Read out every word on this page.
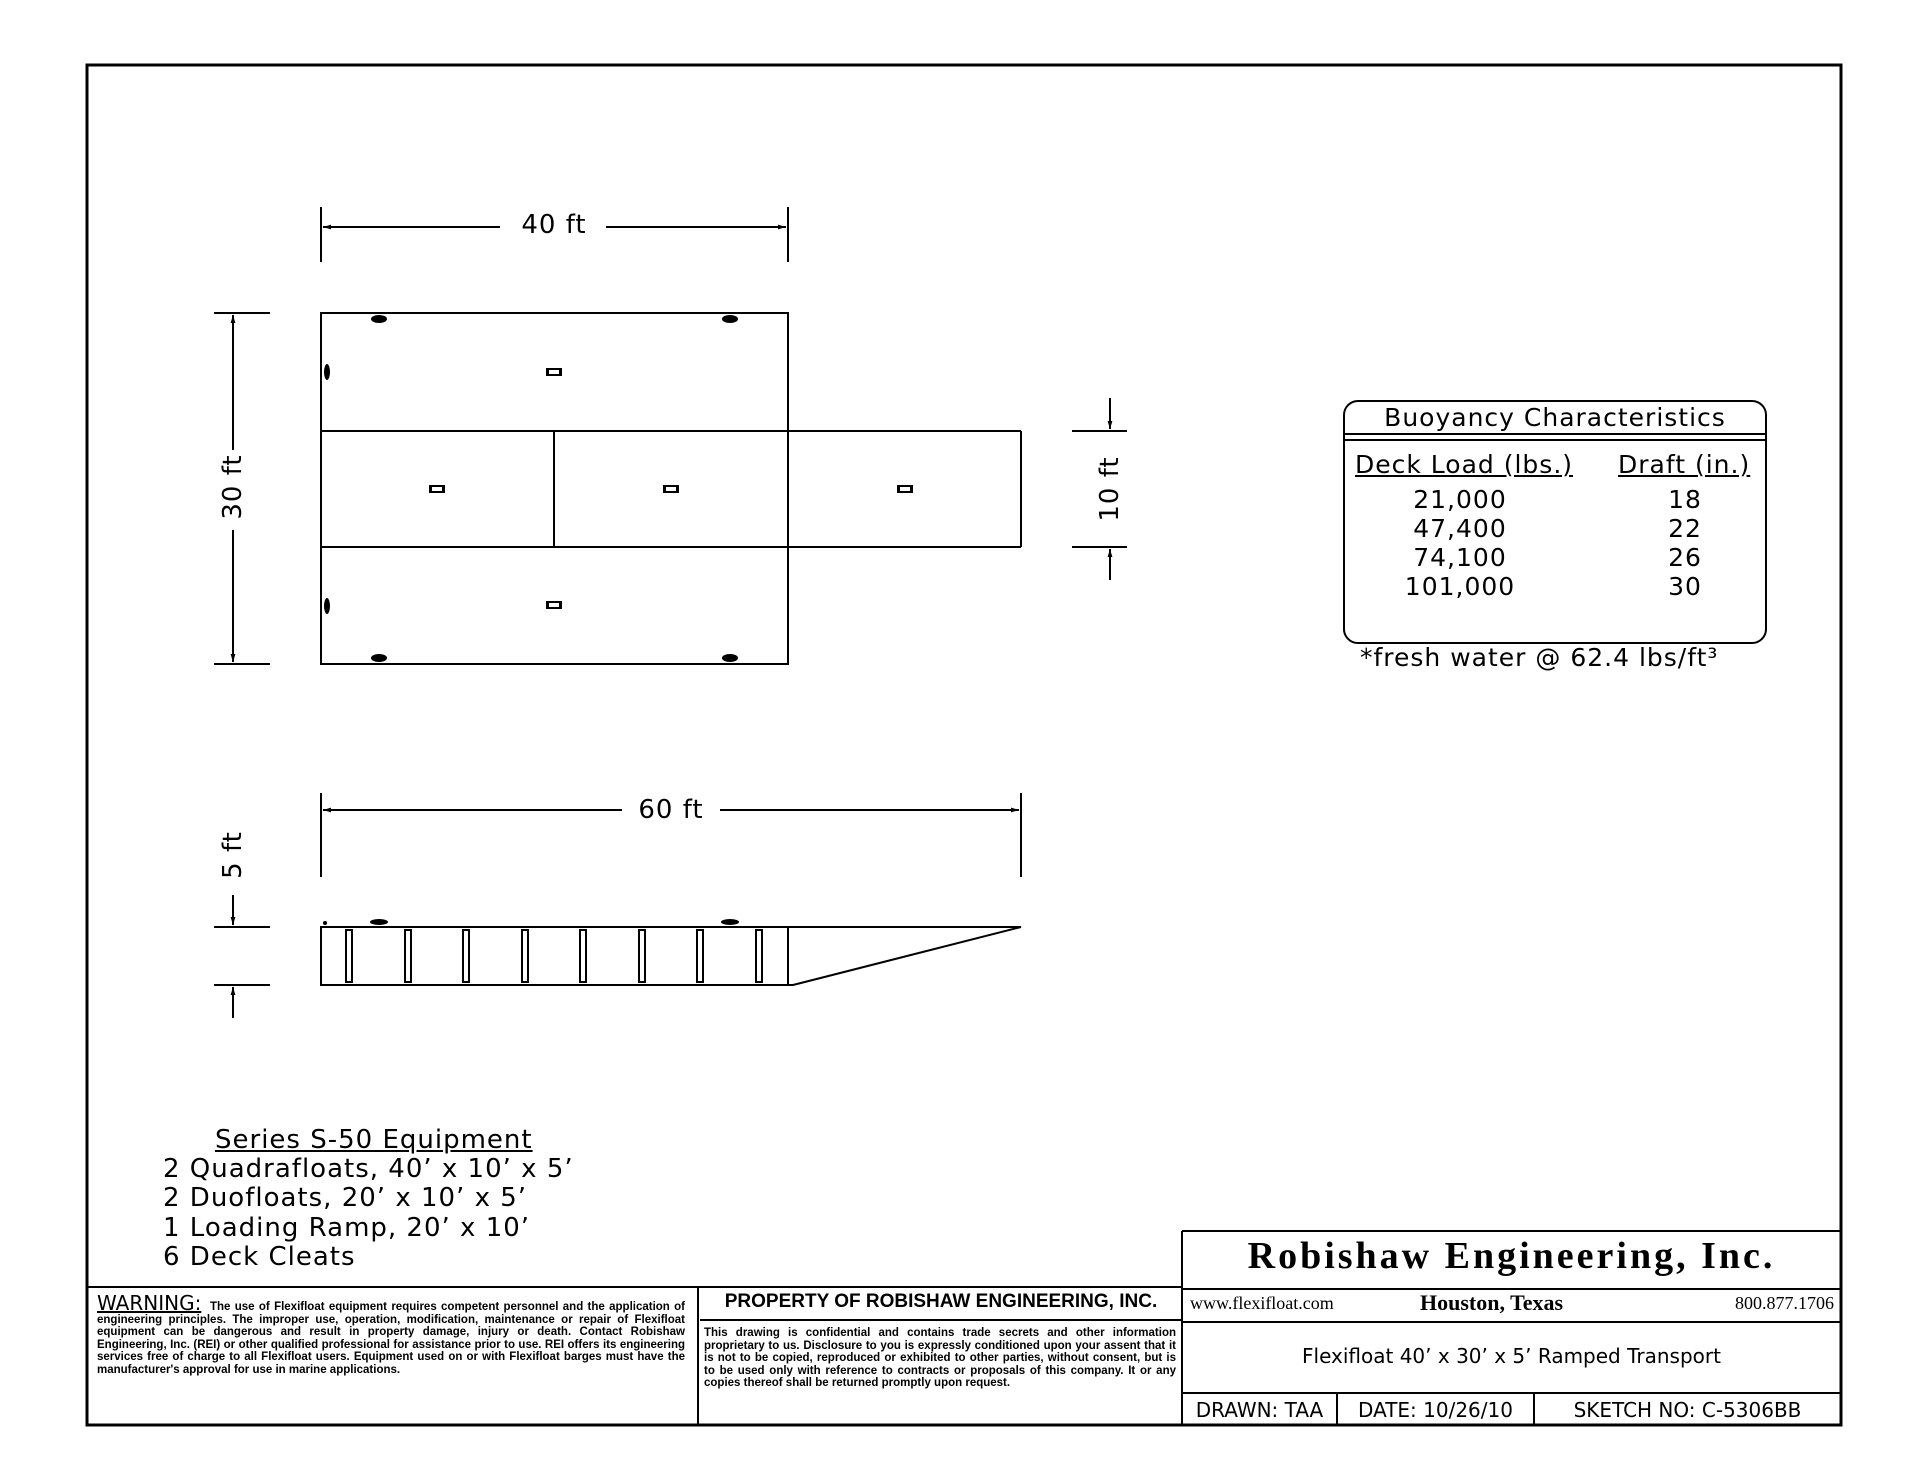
40 ft
30 ft	10 ft
60 ft
5 ft
Buoyancy Characteristics
Deck Load (lbs.) Draft (in.)
21,000	18
47,400	22
74,100	26
101,000	30
*fresh water @ 62.4 lbs/ft³
Series S-50 Equipment
2 Quadrafloats, 40’ x 10’ x 5’
2 Duofloats, 20’ x 10’ x 5’
1 Loading Ramp, 20’ x 10’
6 Deck Cleats
WARNING: The use of Flexifloat equipment requires competent personnel and the application of engineering principles. The improper use, operation, modification, maintenance or repair of Flexifloat equipment can be dangerous and result in property damage, injury or death. Contact Robishaw Engineering, Inc. (REI) or other qualified professional for assistance prior to use. REI offers its engineering services free of charge to all Flexifloat users. Equipment used on or with Flexifloat barges must have the manufacturer's approval for use in marine applications.
PROPERTY OF ROBISHAW ENGINEERING, INC.
This drawing is confidential and contains trade secrets and other information proprietary to us. Disclosure to you is expressly conditioned upon your assent that it is not to be copied, reproduced or exhibited to other parties, without consent, but is to be used only with reference to contracts or proposals of this company. It or any copies thereof shall be returned promptly upon request.
Robishaw Engineering, Inc.
www.flexifloat.com	Houston, Texas	800.877.1706
Flexifloat 40’ x 30’ x 5’ Ramped Transport
DRAWN: TAA	DATE: 10/26/10	SKETCH NO: C-5306BB
